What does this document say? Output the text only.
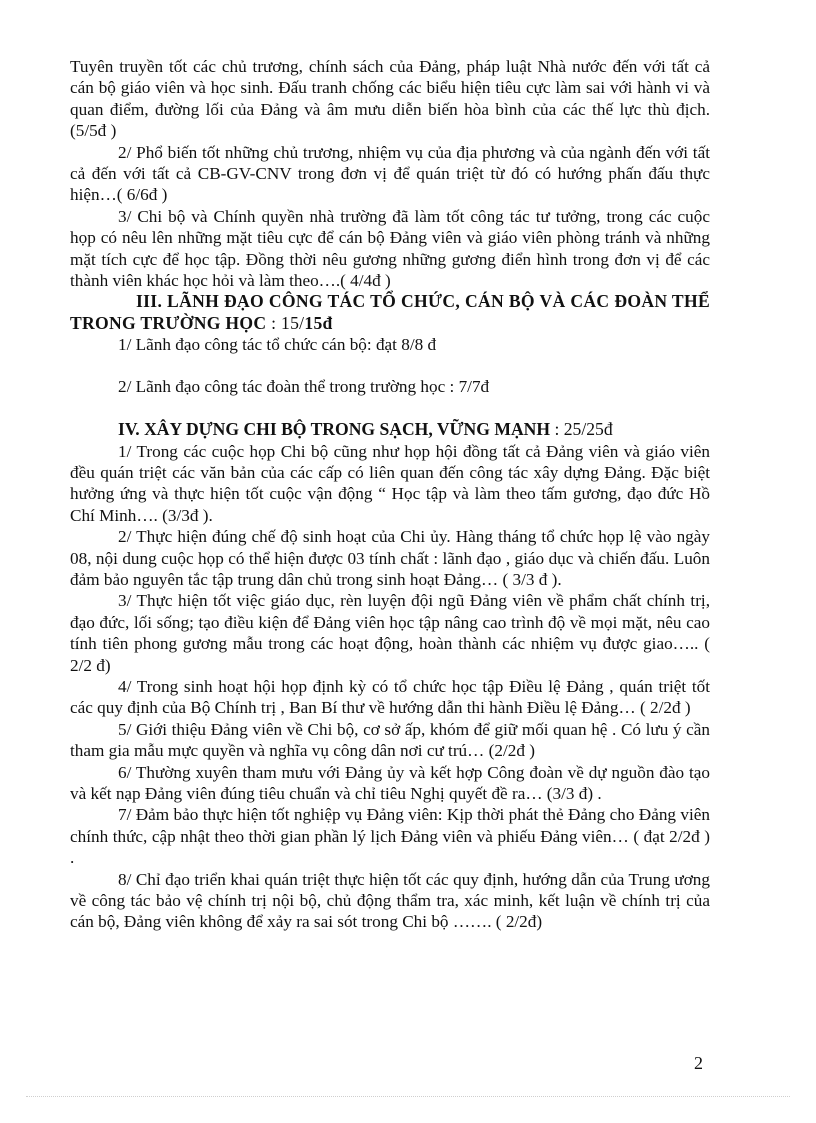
Tuyên truyền tốt các chủ trương, chính sách của Đảng, pháp luật Nhà nước đến với tất cả cán bộ giáo viên và học sinh. Đấu tranh chống các biểu hiện tiêu cực làm sai với hành vi và quan điểm, đường lối của Đảng và âm mưu diễn biến hòa bình của các thế lực thù địch. (5/5đ )

2/ Phổ biến tốt những chủ trương, nhiệm vụ của địa phương và của ngành đến với tất cả đến với tất cả CB-GV-CNV trong đơn vị để quán triệt từ đó có hướng phấn đấu thực hiện…( 6/6đ )

3/ Chi bộ và Chính quyền nhà trường đã làm tốt công tác tư tưởng, trong các cuộc họp có nêu lên những mặt tiêu cực để cán bộ Đảng viên và giáo viên phòng tránh và những mặt tích cực để học tập. Đồng thời nêu gương những gương điển hình trong đơn vị để các thành viên khác học hỏi và làm theo….( 4/4đ )

III. LÃNH ĐẠO CÔNG TÁC TỔ CHỨC, CÁN BỘ VÀ CÁC ĐOÀN THỂ TRONG TRƯỜNG HỌC : 15/15đ

1/ Lãnh đạo công tác tổ chức cán bộ: đạt 8/8 đ

2/ Lãnh đạo công tác đoàn thể trong trường học : 7/7đ

IV. XÂY DỰNG CHI BỘ TRONG SẠCH, VỮNG MẠNH : 25/25đ

1/ Trong các cuộc họp Chi bộ cũng như họp hội đồng tất cả Đảng viên và giáo viên đều quán triệt các văn bản của các cấp có liên quan đến công tác xây dựng Đảng. Đặc biệt hưởng ứng và thực hiện tốt cuộc vận động “ Học tập và làm theo tấm gương, đạo đức Hồ Chí Minh…. (3/3đ ).

2/ Thực hiện đúng chế độ sinh hoạt của Chi ủy. Hàng tháng tổ chức họp lệ vào ngày 08, nội dung cuộc họp có thể hiện được 03 tính chất : lãnh đạo , giáo dục và chiến đấu. Luôn đảm bảo nguyên tắc tập trung dân chủ trong sinh hoạt Đảng… ( 3/3 đ ).

3/ Thực hiện tốt việc giáo dục, rèn luyện đội ngũ Đảng viên về phẩm chất chính trị, đạo đức, lối sống; tạo điều kiện để Đảng viên học tập nâng cao trình độ về mọi mặt, nêu cao tính tiên phong gương mẫu trong các hoạt động, hoàn thành các nhiệm vụ được giao….. ( 2/2 đ)

4/ Trong sinh hoạt hội họp định kỳ có tổ chức học tập Điều lệ Đảng , quán triệt tốt các quy định của Bộ Chính trị , Ban Bí thư về hướng dẫn thi hành Điều lệ Đảng… ( 2/2đ )

5/ Giới thiệu Đảng viên về Chi bộ, cơ sở ấp, khóm để giữ mối quan hệ . Có lưu ý cần tham gia mẫu mực quyền và nghĩa vụ công dân nơi cư trú… (2/2đ )

6/ Thường xuyên tham mưu với Đảng ủy và kết hợp Công đoàn về dự nguồn đào tạo và kết nạp Đảng viên đúng tiêu chuẩn và chỉ tiêu Nghị quyết đề ra… (3/3 đ) .

7/ Đảm bảo thực hiện tốt nghiệp vụ Đảng viên: Kịp thời phát thẻ Đảng cho Đảng viên chính thức, cập nhật theo thời gian phần lý lịch Đảng viên và phiếu Đảng viên… ( đạt 2/2đ ) .

8/ Chỉ đạo triển khai quán triệt thực hiện tốt các quy định, hướng dẫn của Trung ương về công tác bảo vệ chính trị nội bộ, chủ động thẩm tra, xác minh, kết luận về chính trị của cán bộ, Đảng viên không để xảy ra sai sót trong Chi bộ ……. ( 2/2đ)

2
